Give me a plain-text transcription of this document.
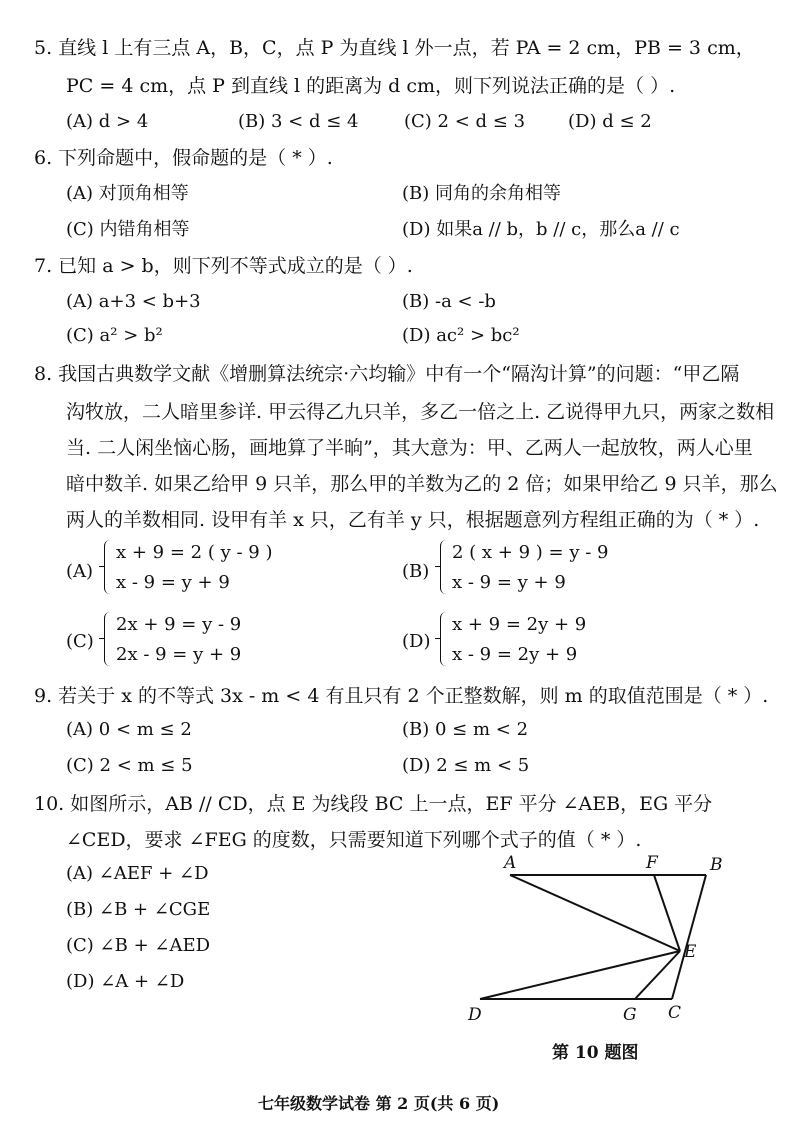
5. 直线 l 上有三点 A，B，C，点 P 为直线 l 外一点，若 PA = 2 cm，PB = 3 cm，
PC = 4 cm，点 P 到直线 l 的距离为 d cm，则下列说法正确的是（ ）.
(A) d > 4	(B) 3 < d ≤ 4	(C) 2 < d ≤ 3 (D) d ≤ 2
6. 下列命题中，假命题的是（ * ）.
(A) 对顶角相等	(B) 同角的余角相等
(C) 内错角相等	(D) 如果a // b，b // c，那么a // c
7. 已知 a > b，则下列不等式成立的是（ ）.
(A) a+3 < b+3	(B) -a < -b
(C) a² > b²	(D) ac² > bc²
8. 我国古典数学文献《增删算法统宗·六均输》中有一个“隔沟计算”的问题：“甲乙隔
沟牧放，二人暗里参详. 甲云得乙九只羊，多乙一倍之上. 乙说得甲九只，两家之数相
当. 二人闲坐恼心肠，画地算了半晌”，其大意为：甲、乙两人一起放牧，两人心里
暗中数羊. 如果乙给甲 9 只羊，那么甲的羊数为乙的 2 倍；如果甲给乙 9 只羊，那么
两人的羊数相同. 设甲有羊 x 只，乙有羊 y 只，根据题意列方程组正确的为（ * ）.
(A)
x + 9 = 2 ( y - 9 )
x - 9 = y + 9
(B)
2 ( x + 9 ) = y - 9
x - 9 = y + 9
(C)
2x + 9 = y - 9
2x - 9 = y + 9
(D)
x + 9 = 2y + 9
x - 9 = 2y + 9
9. 若关于 x 的不等式 3x - m < 4 有且只有 2 个正整数解，则 m 的取值范围是（ * ）.
(A) 0 < m ≤ 2	(B) 0 ≤ m < 2
(C) 2 < m ≤ 5	(D) 2 ≤ m < 5
10. 如图所示，AB // CD，点 E 为线段 BC 上一点，EF 平分 ∠AEB，EG 平分
∠CED，要求 ∠FEG 的度数，只需要知道下列哪个式子的值（ * ）.
(A) ∠AEF + ∠D
(B) ∠B + ∠CGE
(C) ∠B + ∠AED
(D) ∠A + ∠D
A	F	B
E
D	G C
第 10 题图
七年级数学试卷 第 2 页(共 6 页)
